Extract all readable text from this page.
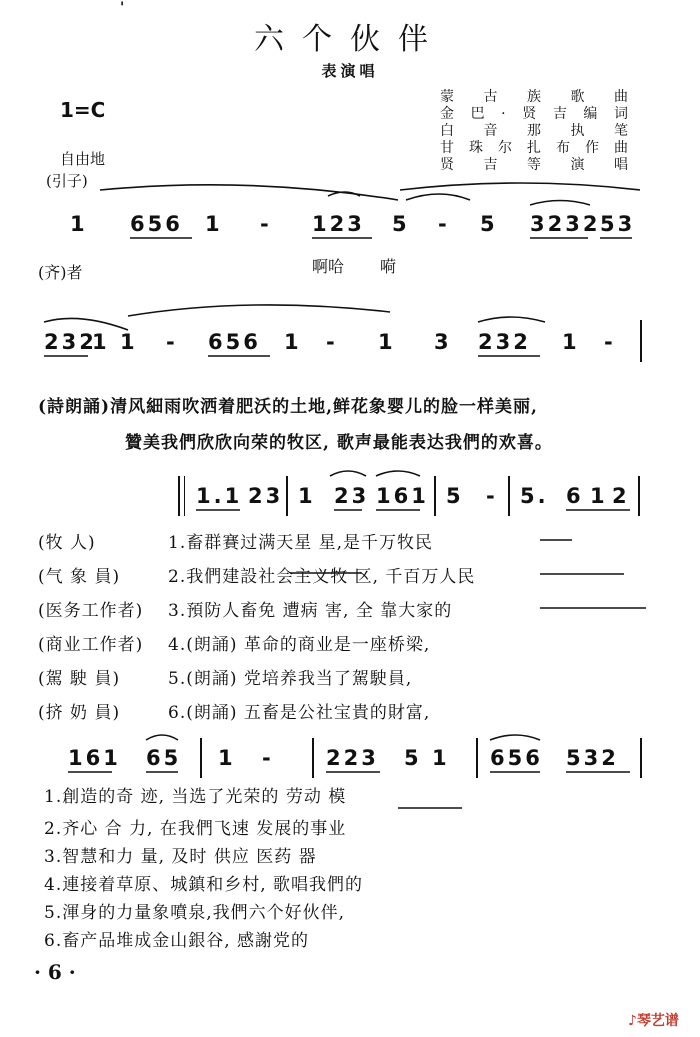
'
六个伙伴
表演唱
1=C
蒙古族歌曲
金巴·贤吉编词
白音那执笔
甘珠尔扎布作曲
贤吉等演唱
自由地
(引子)
1 656 1 - 123 5 - 5 3232 53
(齐)者	啊哈 嗬
232
1 1 - 656 1 - 1 3 232 1 -
(詩朗誦)清风細雨吹洒着肥沃的土地,鲜花象婴儿的脸一样美丽,
贊美我們欣欣向荣的牧区, 歌声最能表达我們的欢喜。
1.1 23 1 23 161 5 - 5. 6 1 2
(牧 人)	1.畜群賽过满天星 星,是千万牧民
(气 象 員)	2.我們建設社会主义牧 区, 千百万人民
(医务工作者) 3.預防人畜免 遭病 害, 全 靠大家的
(商业工作者) 4.(朗誦) 革命的商业是一座桥梁,
(駕 駛 員)	5.(朗誦) 党培养我当了駕駛員,
(挤 奶 員)	6.(朗誦) 五畜是公社宝貴的財富,
161 65 1 - 223 5 1 656 532
1.創造的奇 迹, 当选了光荣的 劳动 模
2.齐心 合 力, 在我們飞速 发展的事业
3.智慧和力 量, 及时 供应 医药 器
4.連接着草原、城鎮和乡村, 歌唱我們的
5.渾身的力量象噴泉,我們六个好伙伴,
6.畜产品堆成金山銀谷, 感謝党的
· 6 ·
♪琴艺谱
